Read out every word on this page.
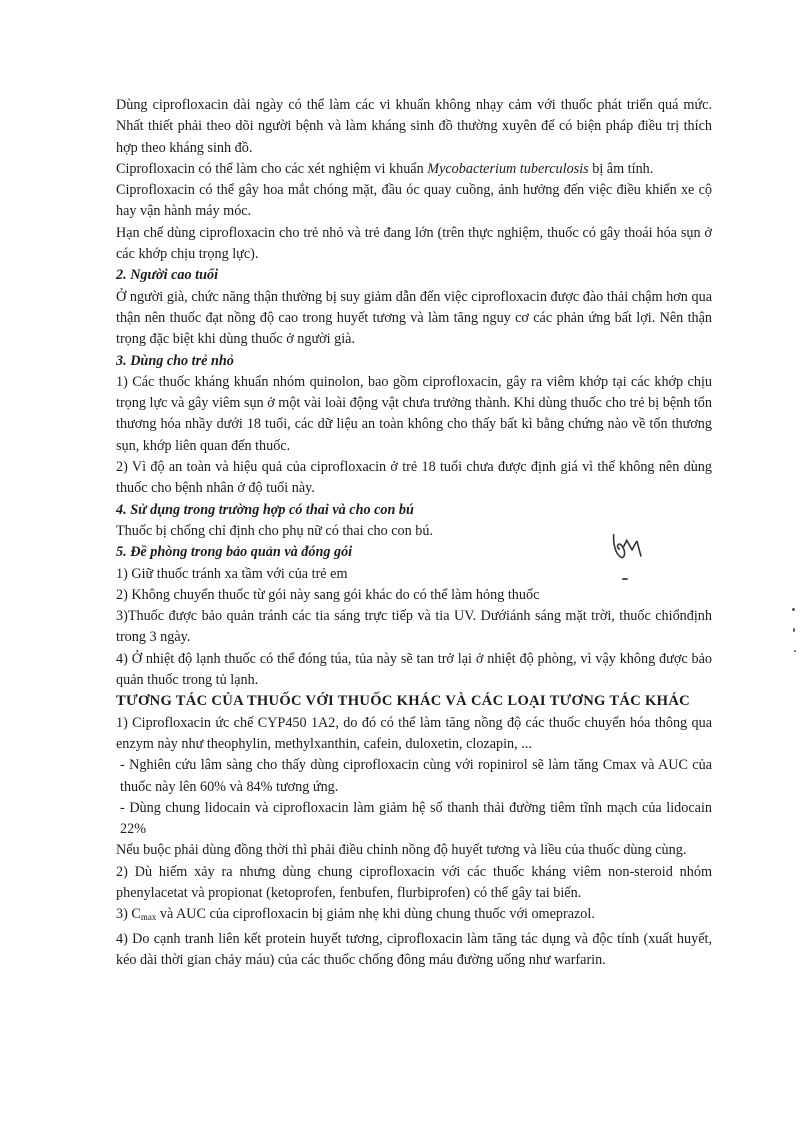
Dùng ciprofloxacin dài ngày có thể làm các vi khuẩn không nhạy cảm với thuốc phát triển quá mức. Nhất thiết phải theo dõi người bệnh và làm kháng sinh đồ thường xuyên để có biện pháp điều trị thích hợp theo kháng sinh đồ.

Ciprofloxacin có thể làm cho các xét nghiệm vi khuẩn Mycobacterium tuberculosis bị âm tính.

Ciprofloxacin có thể gây hoa mắt chóng mặt, đầu óc quay cuồng, ảnh hưởng đến việc điều khiển xe cộ hay vận hành máy móc.

Hạn chế dùng ciprofloxacin cho trẻ nhỏ và trẻ đang lớn (trên thực nghiệm, thuốc có gây thoái hóa sụn ở các khớp chịu trọng lực).

2. Người cao tuổi

Ở người già, chức năng thận thường bị suy giảm dẫn đến việc ciprofloxacin được đào thải chậm hơn qua thận nên thuốc đạt nồng độ cao trong huyết tương và làm tăng nguy cơ các phản ứng bất lợi. Nên thận trọng đặc biệt khi dùng thuốc ở người già.

3. Dùng cho trẻ nhỏ

1) Các thuốc kháng khuẩn nhóm quinolon, bao gồm ciprofloxacin, gây ra viêm khớp tại các khớp chịu trọng lực và gây viêm sụn ở một vài loài động vật chưa trưởng thành. Khi dùng thuốc cho trẻ bị bệnh tổn thương hóa nhầy dưới 18 tuổi, các dữ liệu an toàn không cho thấy bất kì bằng chứng nào về tổn thương sụn, khớp liên quan đến thuốc.

2) Vì độ an toàn và hiệu quả của ciprofloxacin ở trẻ 18 tuổi chưa được định giá vì thế không nên dùng thuốc cho bệnh nhân ở độ tuổi này.

4. Sử dụng trong trường hợp có thai và cho con bú

Thuốc bị chống chỉ định cho phụ nữ có thai cho con bú.

5. Đề phòng trong bảo quản và đóng gói

1) Giữ thuốc tránh xa tầm với của trẻ em

2) Không chuyển thuốc từ gói này sang gói khác do có thể làm hỏng thuốc

3)Thuốc được bảo quản tránh các tia sáng trực tiếp và tia UV. Dướiánh sáng mặt trời, thuốc chiổnđịnh trong 3 ngày.

4) Ở nhiệt độ lạnh thuốc có thể đóng túa, tủa này sẽ tan trở lại ở nhiệt độ phòng, vì vậy không được bảo quản thuốc trong tủ lạnh.

TƯƠNG TÁC CỦA THUỐC VỚI THUỐC KHÁC VÀ CÁC LOẠI TƯƠNG TÁC KHÁC

1) Ciprofloxacin ức chế CYP450 1A2, do đó có thể làm tăng nồng độ các thuốc chuyển hóa thông qua enzym này như theophylin, methylxanthin, cafein, duloxetin, clozapin, ...

- Nghiên cứu lâm sàng cho thấy dùng ciprofloxacin cùng với ropinirol sẽ làm tăng Cmax và AUC của thuốc này lên 60% và 84% tương ứng.

- Dùng chung lidocain và ciprofloxacin làm giảm hệ số thanh thải đường tiêm tĩnh mạch của lidocain 22%

Nếu buộc phải dùng đồng thời thì phải điều chỉnh nồng độ huyết tương và liều của thuốc dùng cùng.

2) Dù hiếm xảy ra nhưng dùng chung ciprofloxacin với các thuốc kháng viêm non-steroid nhóm phenylacetat và propionat (ketoprofen, fenbufen, flurbiprofen) có thể gây tai biến.

3) $C_{max}$ và AUC của ciprofloxacin bị giảm nhẹ khi dùng chung thuốc với omeprazol.

4) Do cạnh tranh liên kết protein huyết tương, ciprofloxacin làm tăng tác dụng và độc tính (xuất huyết, kéo dài thời gian chảy máu) của các thuốc chống đông máu đường uống như warfarin.
